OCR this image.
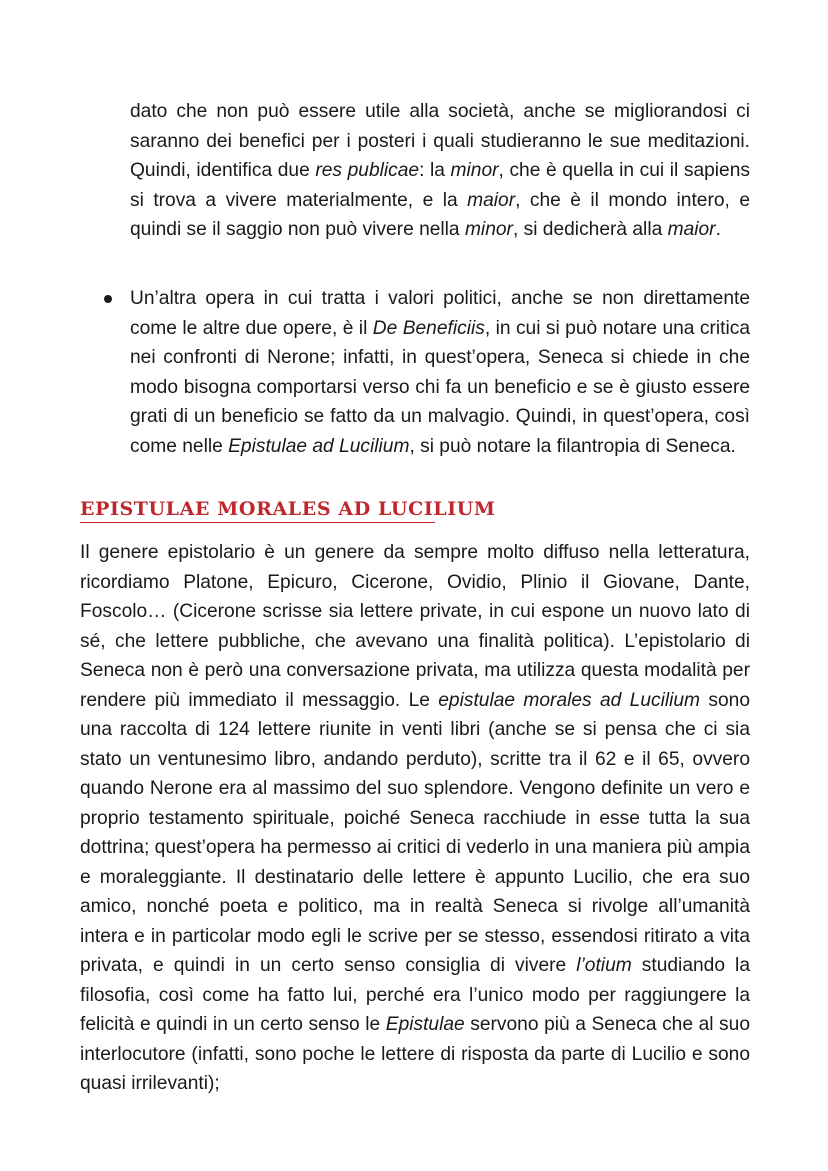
dato che non può essere utile alla società, anche se migliorandosi ci saranno dei benefici per i posteri i quali studieranno le sue meditazioni. Quindi, identifica due res publicae: la minor, che è quella in cui il sapiens si trova a vivere materialmente, e la maior, che è il mondo intero, e quindi se il saggio non può vivere nella minor, si dedicherà alla maior.

Un’altra opera in cui tratta i valori politici, anche se non direttamente come le altre due opere, è il De Beneficiis, in cui si può notare una critica nei confronti di Nerone; infatti, in quest’opera, Seneca si chiede in che modo bisogna comportarsi verso chi fa un beneficio e se è giusto essere grati di un beneficio se fatto da un malvagio. Quindi, in quest’opera, così come nelle Epistulae ad Lucilium, si può notare la filantropia di Seneca.

EPISTULAE MORALES AD LUCILIUM

Il genere epistolario è un genere da sempre molto diffuso nella letteratura, ricordiamo Platone, Epicuro, Cicerone, Ovidio, Plinio il Giovane, Dante, Foscolo… (Cicerone scrisse sia lettere private, in cui espone un nuovo lato di sé, che lettere pubbliche, che avevano una finalità politica). L’epistolario di Seneca non è però una conversazione privata, ma utilizza questa modalità per rendere più immediato il messaggio. Le epistulae morales ad Lucilium sono una raccolta di 124 lettere riunite in venti libri (anche se si pensa che ci sia stato un ventunesimo libro, andando perduto), scritte tra il 62 e il 65, ovvero quando Nerone era al massimo del suo splendore. Vengono definite un vero e proprio testamento spirituale, poiché Seneca racchiude in esse tutta la sua dottrina; quest’opera ha permesso ai critici di vederlo in una maniera più ampia e moraleggiante. Il destinatario delle lettere è appunto Lucilio, che era suo amico, nonché poeta e politico, ma in realtà Seneca si rivolge all’umanità intera e in particolar modo egli le scrive per se stesso, essendosi ritirato a vita privata, e quindi in un certo senso consiglia di vivere l’otium studiando la filosofia, così come ha fatto lui, perché era l’unico modo per raggiungere la felicità e quindi in un certo senso le Epistulae servono più a Seneca che al suo interlocutore (infatti, sono poche le lettere di risposta da parte di Lucilio e sono quasi irrilevanti);
